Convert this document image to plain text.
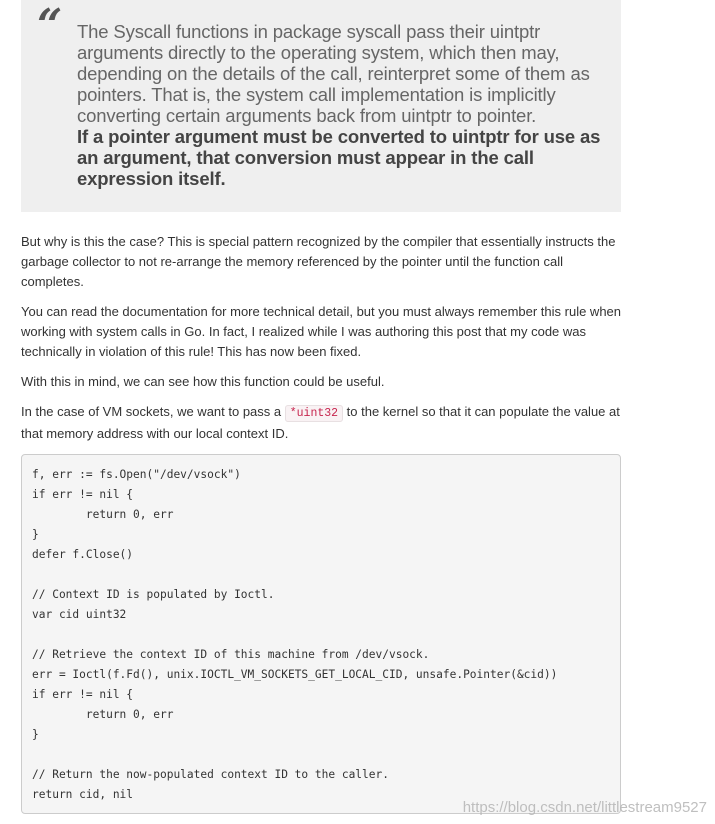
“ The Syscall functions in package syscall pass their uintptr arguments directly to the operating system, which then may, depending on the details of the call, reinterpret some of them as pointers. That is, the system call implementation is implicitly converting certain arguments back from uintptr to pointer.
If a pointer argument must be converted to uintptr for use as an argument, that conversion must appear in the call expression itself.

But why is this the case? This is special pattern recognized by the compiler that essentially instructs the garbage collector to not re-arrange the memory referenced by the pointer until the function call completes.

You can read the documentation for more technical detail, but you must always remember this rule when working with system calls in Go. In fact, I realized while I was authoring this post that my code was technically in violation of this rule! This has now been fixed.

With this in mind, we can see how this function could be useful.

In the case of VM sockets, we want to pass a *uint32 to the kernel so that it can populate the value at that memory address with our local context ID.

f, err := fs.Open("/dev/vsock")
if err != nil {
return 0, err
}
defer f.Close()

// Context ID is populated by Ioctl.
var cid uint32

// Retrieve the context ID of this machine from /dev/vsock.
err = Ioctl(f.Fd(), unix.IOCTL_VM_SOCKETS_GET_LOCAL_CID, unsafe.Pointer(&cid))
if err != nil {
return 0, err
}

// Return the now-populated context ID to the caller.
return cid, nil
https://blog.csdn.net/littlestream9527
